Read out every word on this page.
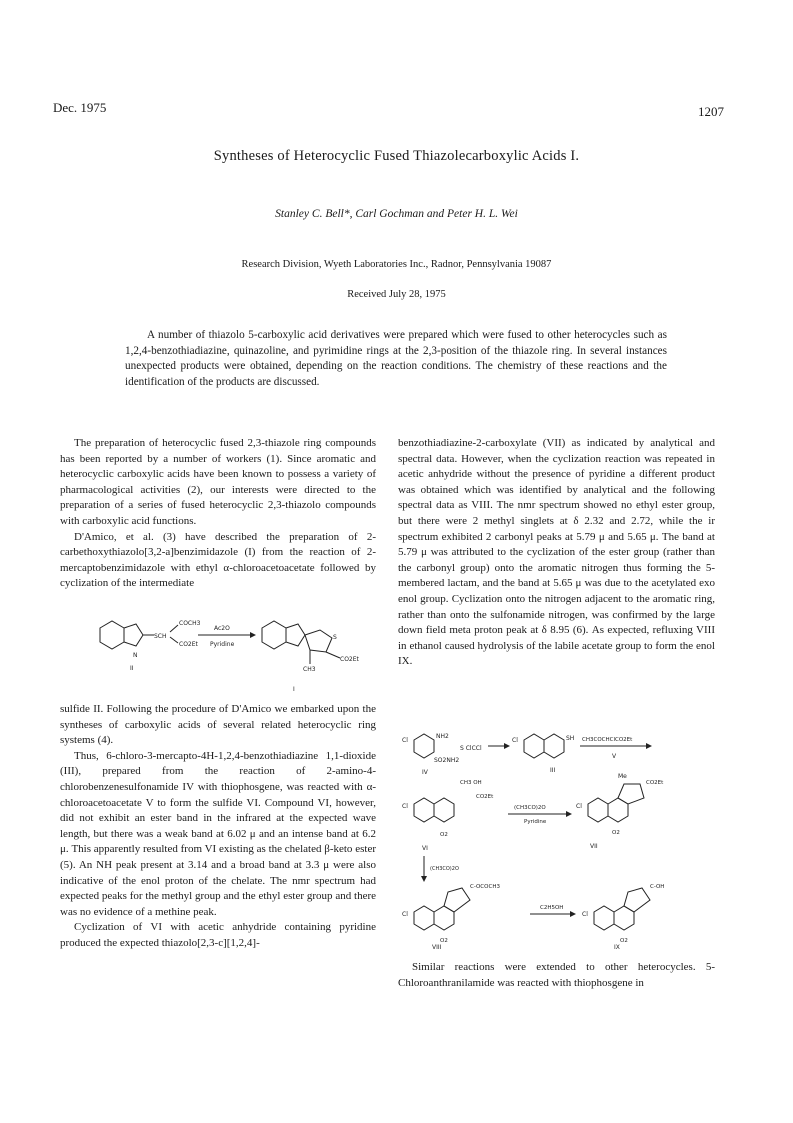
Dec. 1975	1207
Syntheses of Heterocyclic Fused Thiazolecarboxylic Acids I.
Stanley C. Bell*, Carl Gochman and Peter H. L. Wei
Research Division, Wyeth Laboratories Inc., Radnor, Pennsylvania 19087
Received July 28, 1975
A number of thiazolo 5-carboxylic acid derivatives were prepared which were fused to other heterocycles such as 1,2,4-benzothiadiazine, quinazoline, and pyrimidine rings at the 2,3-position of the thiazole ring. In several instances unexpected products were obtained, depending on the reaction conditions. The chemistry of these reactions and the identification of the products are discussed.

The preparation of heterocyclic fused 2,3-thiazole ring compounds has been reported by a number of workers (1). Since aromatic and heterocyclic carboxylic acids have been known to possess a variety of pharmacological activities (2), our interests were directed to the preparation of a series of fused heterocyclic 2,3-thiazolo compounds with carboxylic acid functions.

D'Amico, et al. (3) have described the preparation of 2-carbethoxythiazolo[3,2-a]benzimidazole (I) from the reaction of 2-mercaptobenzimidazole with ethyl α-chloroacetoacetate followed by cyclization of the intermediate

SCH
COCH3
CO2Et
N
II
Ac2O
Pyridine
S
CO2Et
CH3
I

sulfide II. Following the procedure of D'Amico we embarked upon the syntheses of carboxylic acids of several related heterocyclic ring systems (4).

Thus, 6-chloro-3-mercapto-4H-1,2,4-benzothiadiazine 1,1-dioxide (III), prepared from the reaction of 2-amino-4-chlorobenzenesulfonamide IV with thiophosgene, was reacted with α-chloroacetoacetate V to form the sulfide VI. Compound VI, however, did not exhibit an ester band in the infrared at the expected wave length, but there was a weak band at 6.02 μ and an intense band at 6.2 μ. This apparently resulted from VI existing as the chelated β-keto ester (5). An NH peak present at 3.14 and a broad band at 3.3 μ were also indicative of the enol proton of the chelate. The nmr spectrum had expected peaks for the methyl group and the ethyl ester group and there was no evidence of a methine peak.

Cyclization of VI with acetic anhydride containing pyridine produced the expected thiazolo[2,3-c][1,2,4]-

benzothiadiazine-2-carboxylate (VII) as indicated by analytical and spectral data. However, when the cyclization reaction was repeated in acetic anhydride without the presence of pyridine a different product was obtained which was identified by analytical and the following spectral data as VIII. The nmr spectrum showed no ethyl ester group, but there were 2 methyl singlets at δ 2.32 and 2.72, while the ir spectrum exhibited 2 carbonyl peaks at 5.79 μ and 5.65 μ. The band at 5.79 μ was attributed to the cyclization of the ester group (rather than the carbonyl group) onto the aromatic nitrogen thus forming the 5-membered lactam, and the band at 5.65 μ was due to the acetylated exo enol group. Cyclization onto the nitrogen adjacent to the aromatic ring, rather than onto the sulfonamide nitrogen, was confirmed by the large down field meta proton peak at δ 8.95 (6). As expected, refluxing VIII in ethanol caused hydrolysis of the labile acetate group to form the enol IX.

Cl
NH2
SO2NH2
IV
S ClCCl
Cl	SH
III
CH3COCHClCO2Et
V
Cl
CH3 OH
CO2Et
O2
VI
(CH3CO)2O
Pyridine
Cl
Me
CO2Et
O2
VII
(CH3CO)2O
Cl
C-OCOCH3
O2
VIII
C2H5OH
Cl
C-OH
O2
IX

Similar reactions were extended to other heterocycles. 5-Chloroanthranilamide was reacted with thiophosgene in
